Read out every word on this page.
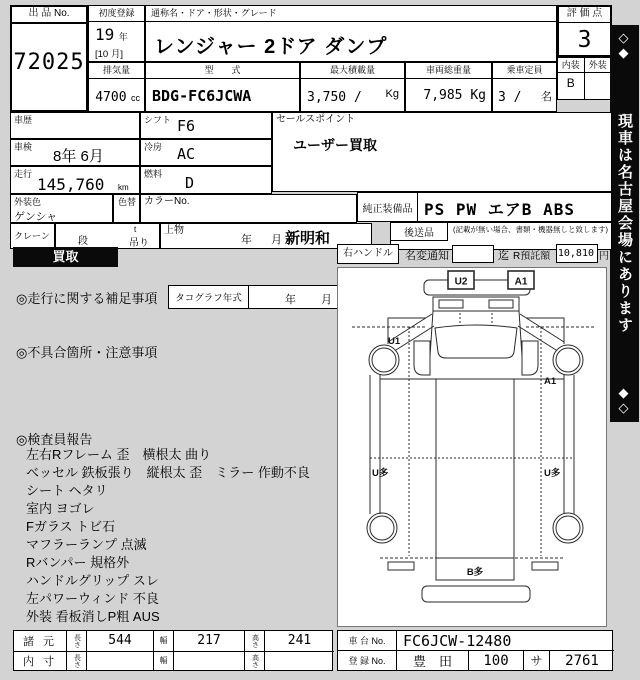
出 品 No.
72025
初度登録
19 年
[10 月]
通称名・ドア・形状・グレード
レンジャー 2ドア ダンプ
排気量
4700 cc
型　　式
BDG-FC6JCWA
最大積載量
3,750 / Kg
車両総重量
7,985 Kg
乗車定員
3 / 名
評 価 点
3
内装
B
外装
◇◆
現車は名古屋会場にあります
◆◇
車歴	シフト F6
車検
8年 6月
冷房 AC
走行
145,760 km
燃料 D
外装色
ゲンシャ
色替 カラーNo.
クレーン	段
t
吊り
上物
年 月 新明和
セールスポイント
ユーザー買取
純正装備品 PS PW エアB ABS
後送品	(記載が無い場合、書類・機器無しと致します)
買取	右ハンドル	名変通知	迄 R預託額 10,810 円
◎走行に関する補足事項	タコグラフ年式	年 月
◎不具合箇所・注意事項
◎検査員報告
左右Rフレーム 歪　横根太 曲り
ベッセル 鉄板張り　縦根太 歪　ミラー 作動不良
シート ヘタリ
室内 ヨゴレ
Fガラス トビ石
マフラーランプ 点滅
Rバンパー 規格外
ハンドルグリップ スレ
左パワーウィンド 不良
外装 看板消しP粗 AUS
U2	A1
U1
A1
U多	U多
B多
諸 元	長さ	544	幅	217	高さ	241
内 寸	長さ	幅	高さ
車 台 No.	FC6JCW-12480
登 録 No.	豊　田	100	サ	2761
